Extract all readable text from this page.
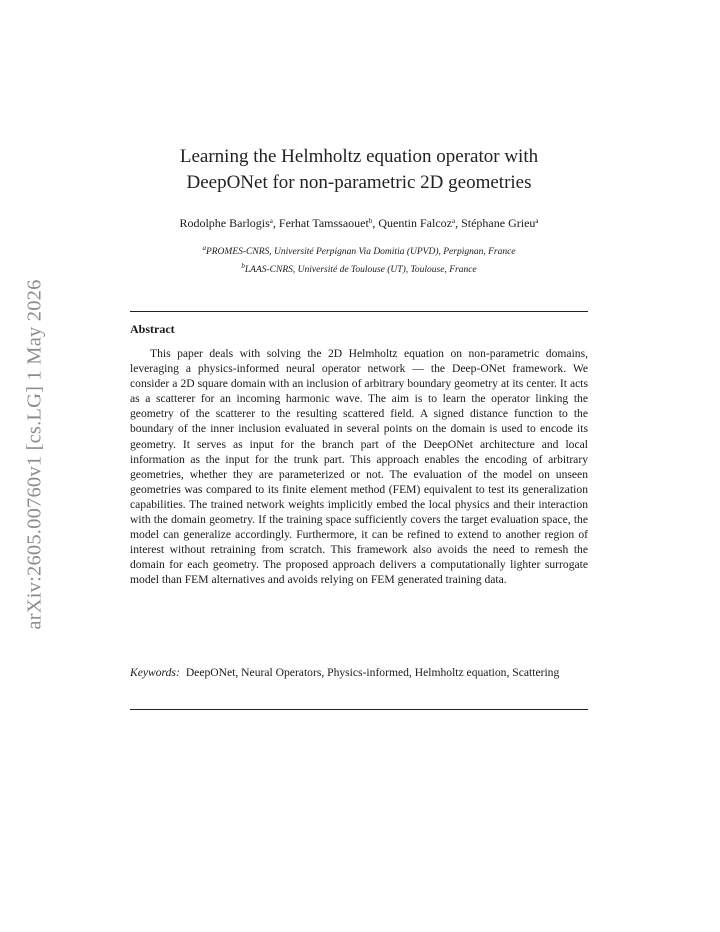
arXiv:2605.00760v1 [cs.LG] 1 May 2026
Learning the Helmholtz equation operator with
DeepONet for non-parametric 2D geometries
Rodolphe Barlogis$^a$, Ferhat Tamssaouet$^b$, Quentin Falcoz$^a$, Stéphane Grieu$^a$
$^a$PROMES-CNRS, Université Perpignan Via Domitia (UPVD), Perpignan, France
$^b$LAAS-CNRS, Université de Toulouse (UT), Toulouse, France
Abstract

This paper deals with solving the 2D Helmholtz equation on non-parametric domains, leveraging a physics-informed neural operator network — the Deep-ONet framework. We consider a 2D square domain with an inclusion of arbitrary boundary geometry at its center. It acts as a scatterer for an incoming harmonic wave. The aim is to learn the operator linking the geometry of the scatterer to the resulting scattered field. A signed distance function to the boundary of the inner inclusion evaluated in several points on the domain is used to encode its geometry. It serves as input for the branch part of the DeepONet architecture and local information as the input for the trunk part. This approach enables the encoding of arbitrary geometries, whether they are parameterized or not. The evaluation of the model on unseen geometries was compared to its finite element method (FEM) equivalent to test its generalization capabilities. The trained network weights implicitly embed the local physics and their interaction with the domain geometry. If the training space sufficiently covers the target evaluation space, the model can generalize accordingly. Furthermore, it can be refined to extend to another region of interest without retraining from scratch. This framework also avoids the need to remesh the domain for each geometry. The proposed approach delivers a computationally lighter surrogate model than FEM alternatives and avoids relying on FEM generated training data.

Keywords: DeepONet, Neural Operators, Physics-informed, Helmholtz equation, Scattering
